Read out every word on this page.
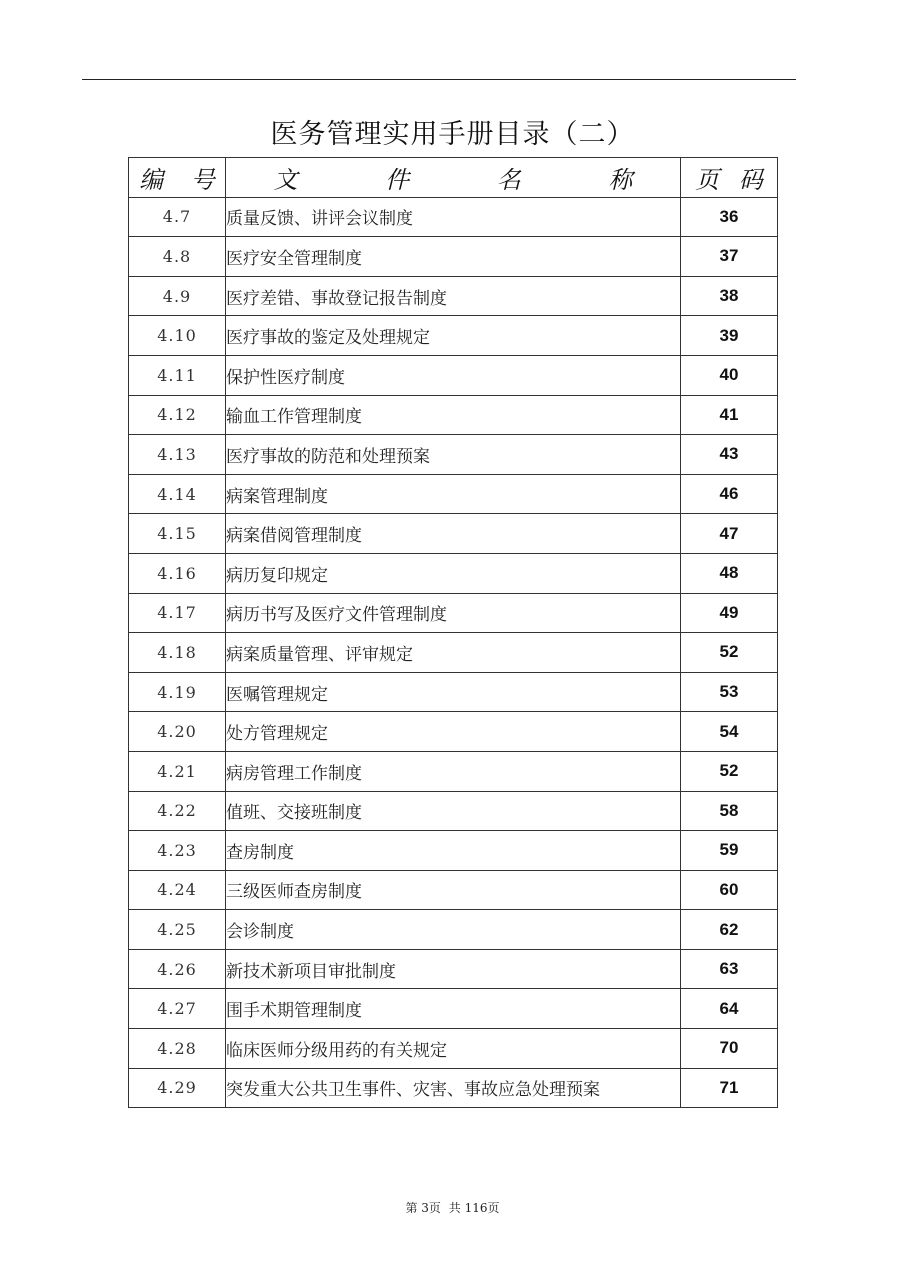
医务管理实用手册目录（二）
编 号	文 件 名 称	页 码
4.7	质量反馈、讲评会议制度	36
4.8	医疗安全管理制度	37
4.9	医疗差错、事故登记报告制度	38
4.10	医疗事故的鉴定及处理规定	39
4.11	保护性医疗制度	40
4.12	输血工作管理制度	41
4.13	医疗事故的防范和处理预案	43
4.14	病案管理制度	46
4.15	病案借阅管理制度	47
4.16	病历复印规定	48
4.17	病历书写及医疗文件管理制度	49
4.18	病案质量管理、评审规定	52
4.19	医嘱管理规定	53
4.20	处方管理规定	54
4.21	病房管理工作制度	52
4.22	值班、交接班制度	58
4.23	查房制度	59
4.24	三级医师查房制度	60
4.25	会诊制度	62
4.26	新技术新项目审批制度	63
4.27	围手术期管理制度	64
4.28	临床医师分级用药的有关规定	70
4.29	突发重大公共卫生事件、灾害、事故应急处理预案	71
第 3页 共 116页
